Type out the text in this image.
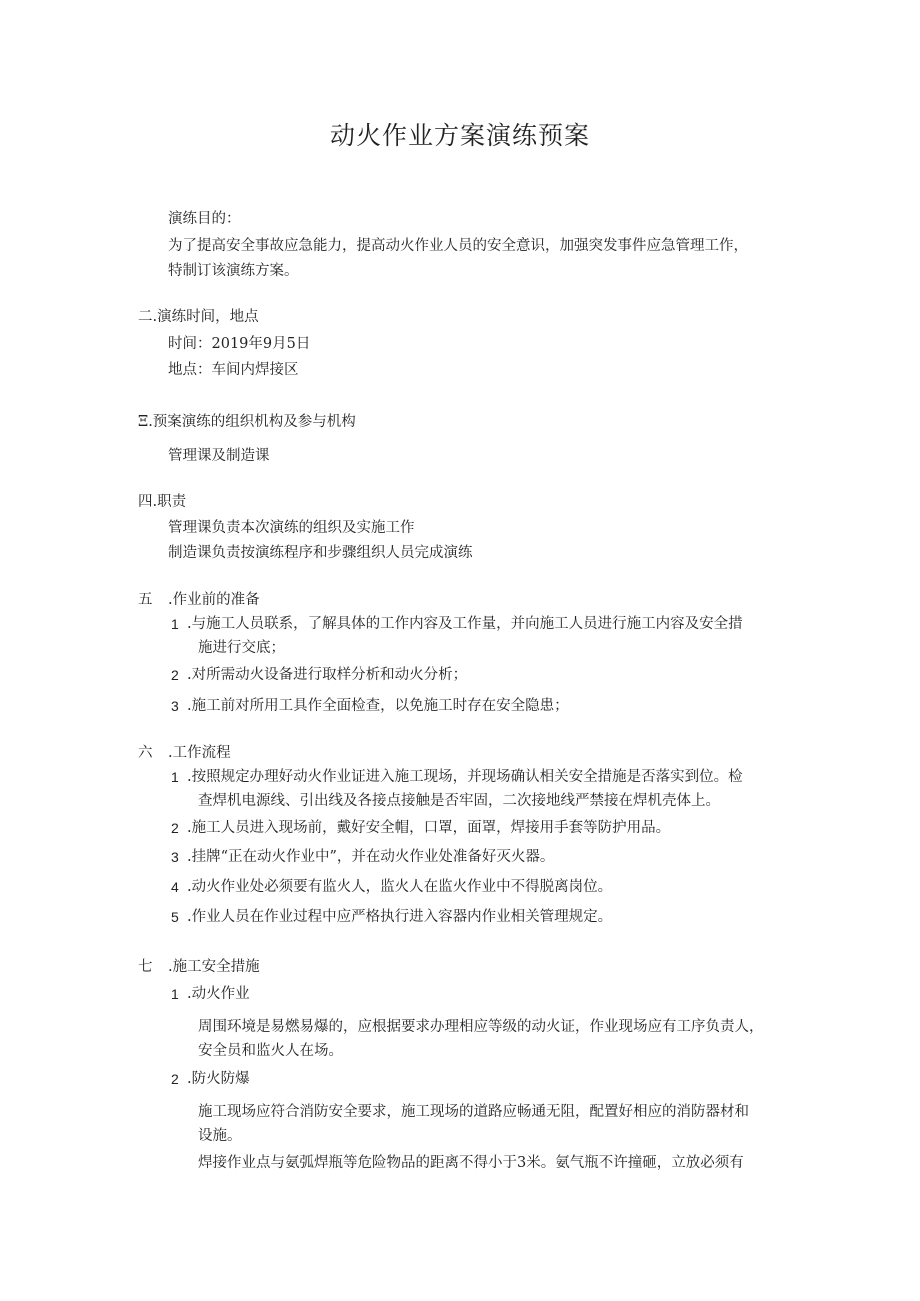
动火作业方案演练预案
演练目的：
为了提高安全事故应急能力，提高动火作业人员的安全意识，加强突发事件应急管理工作，
特制订该演练方案。
二.演练时间，地点
时间：2019年9月5日
地点：车间内焊接区
Ξ.预案演练的组织机构及参与机构
管理课及制造课
四.职责
管理课负责本次演练的组织及实施工作
制造课负责按演练程序和步骤组织人员完成演练
五 .作业前的准备
1 .与施工人员联系，了解具体的工作内容及工作量，并向施工人员进行施工内容及安全措
施进行交底；
2 .对所需动火设备进行取样分析和动火分析；
3 .施工前对所用工具作全面检查，以免施工时存在安全隐患；
六 .工作流程
1 .按照规定办理好动火作业证进入施工现场，并现场确认相关安全措施是否落实到位。检
查焊机电源线、引出线及各接点接触是否牢固，二次接地线严禁接在焊机壳体上。
2 .施工人员进入现场前，戴好安全帽，口罩，面罩，焊接用手套等防护用品。
3 .挂牌“正在动火作业中”，并在动火作业处准备好灭火器。
4 .动火作业处必须要有监火人，监火人在监火作业中不得脱离岗位。
5 .作业人员在作业过程中应严格执行进入容器内作业相关管理规定。
七 .施工安全措施
1 .动火作业
周围环境是易燃易爆的，应根据要求办理相应等级的动火证，作业现场应有工序负责人，
安全员和监火人在场。
2 .防火防爆
施工现场应符合消防安全要求，施工现场的道路应畅通无阻，配置好相应的消防器材和
设施。
焊接作业点与氨弧焊瓶等危险物品的距离不得小于3米。氨气瓶不许撞砸，立放必须有
